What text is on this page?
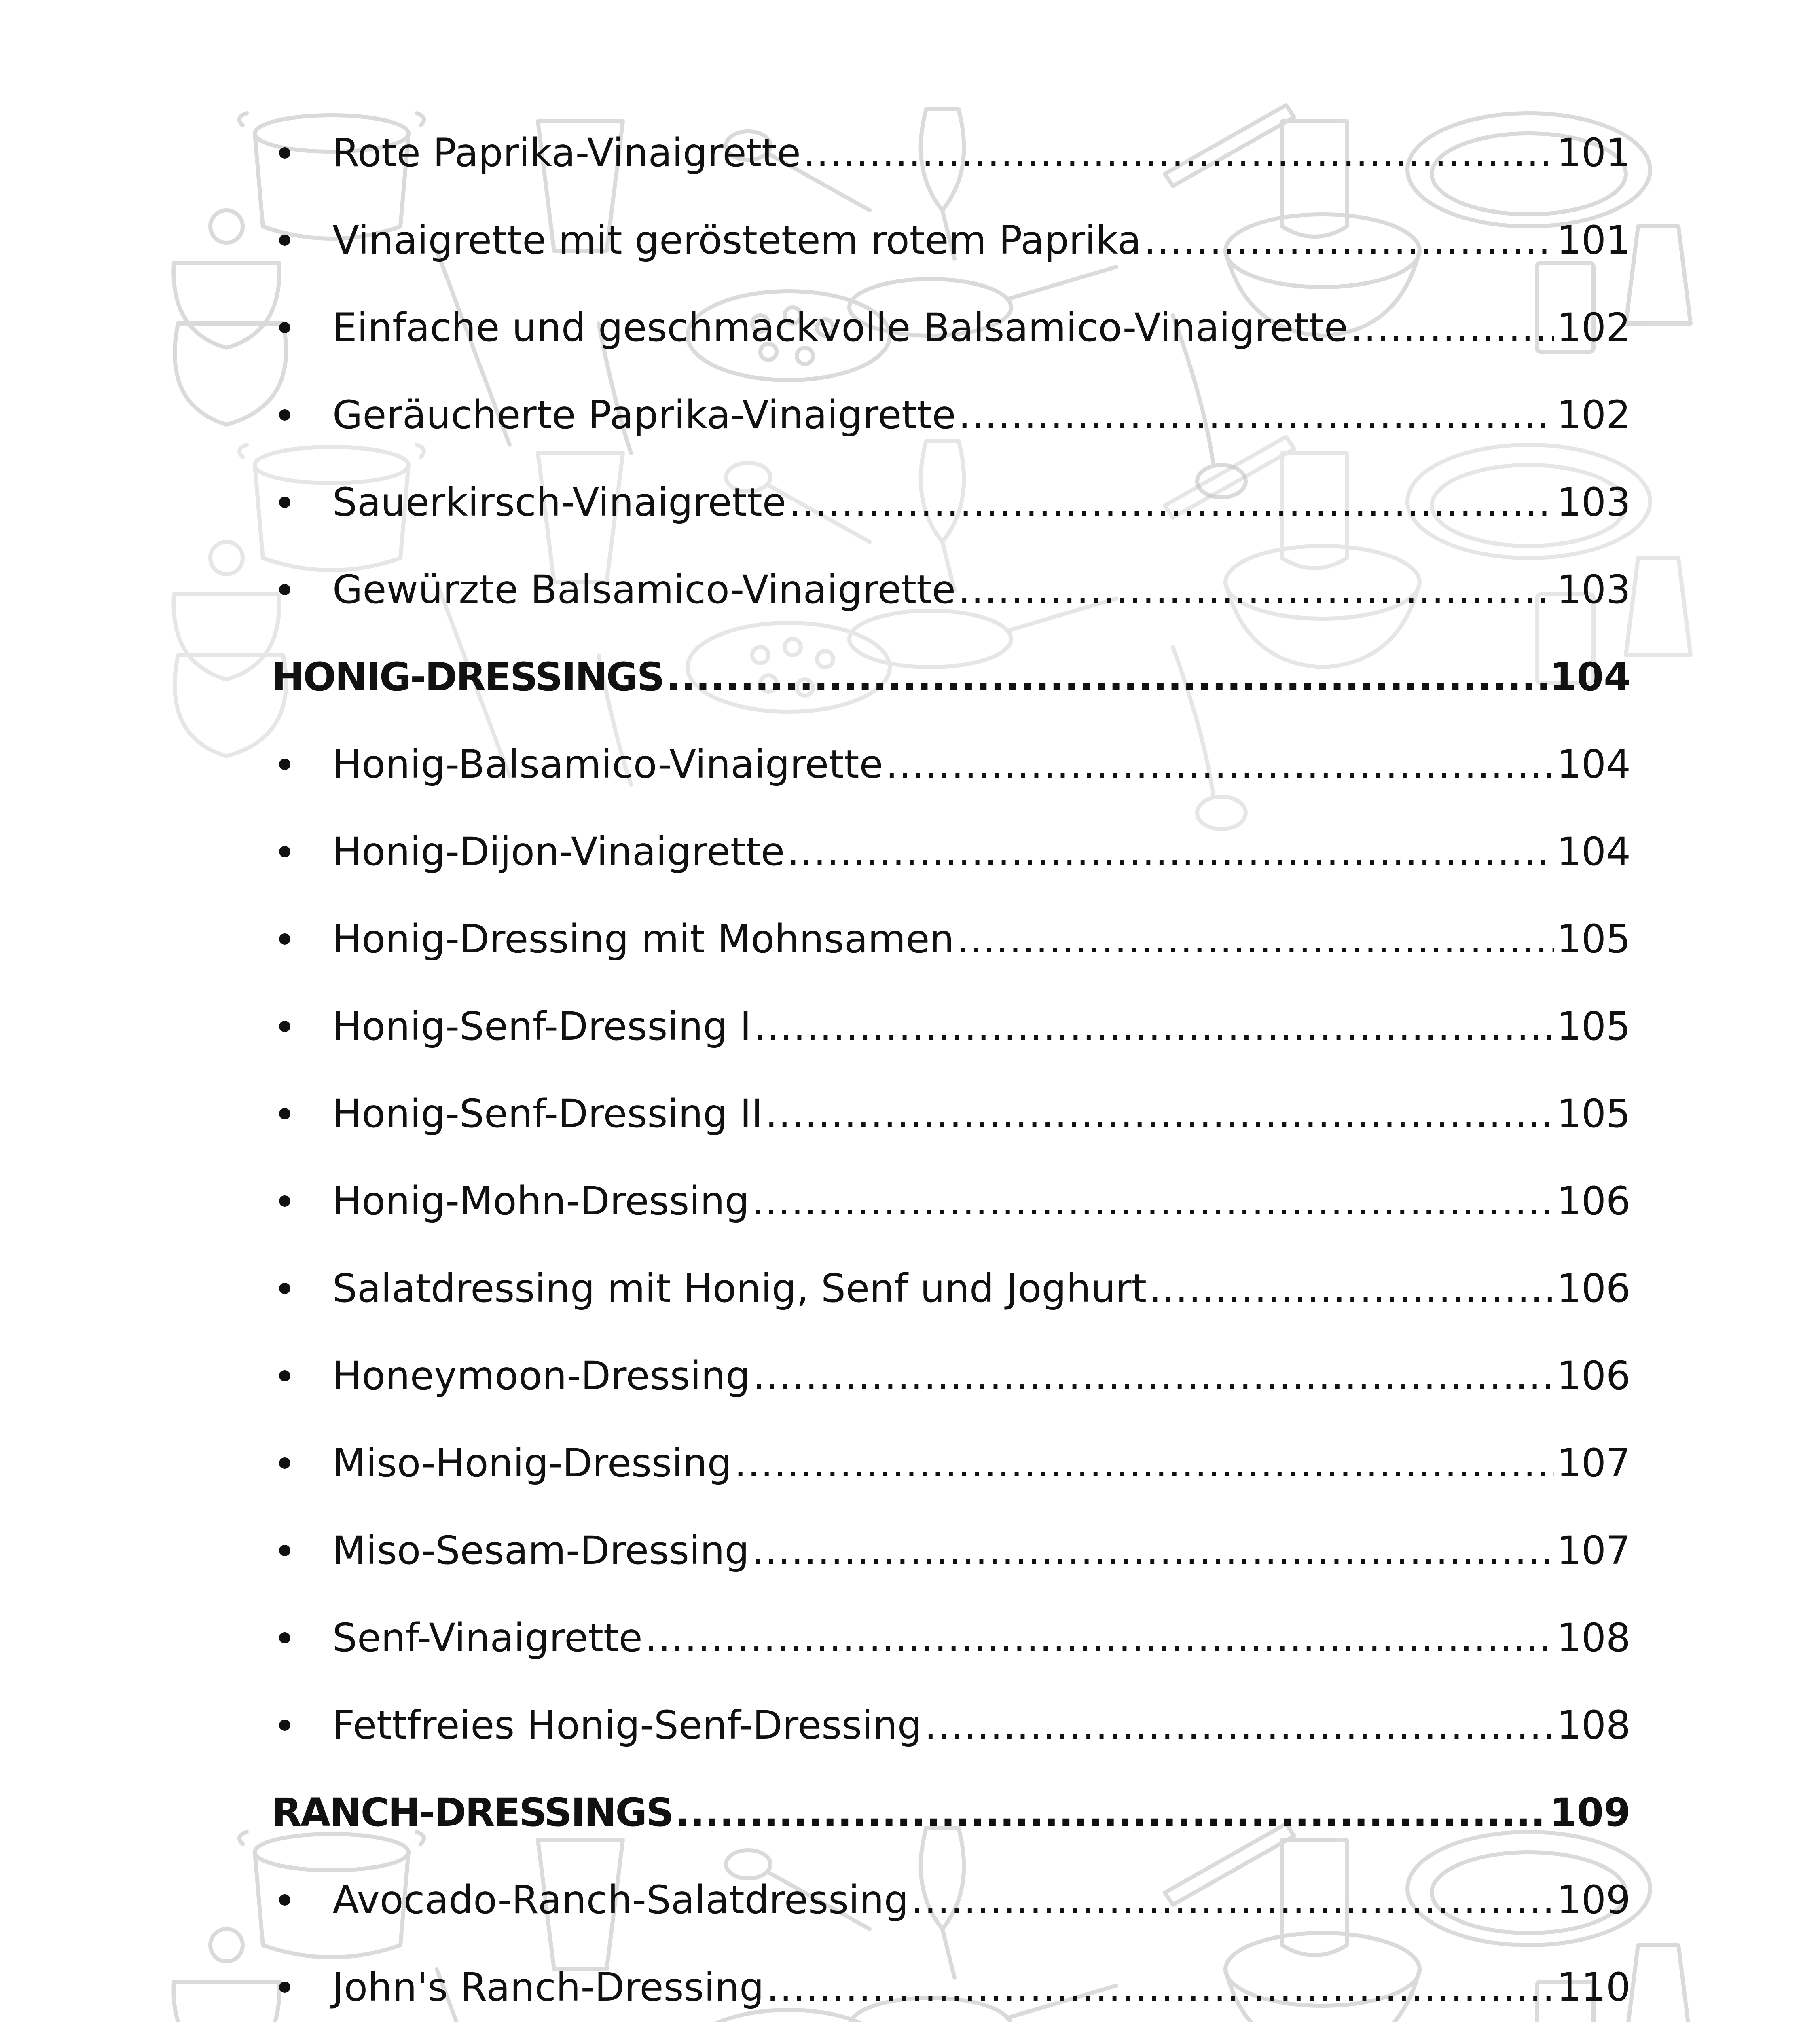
Rote Paprika-Vinaigrette .....	101
Vinaigrette mit geröstetem rotem Paprika .....	101
Einfache und geschmackvolle Balsamico-Vinaigrette .....	102
Geräucherte Paprika-Vinaigrette .....	102
Sauerkirsch-Vinaigrette .....	103
Gewürzte Balsamico-Vinaigrette .....	103
HONIG-DRESSINGS .....	104
Honig-Balsamico-Vinaigrette .....	104
Honig-Dijon-Vinaigrette .....	104
Honig-Dressing mit Mohnsamen .....	105
Honig-Senf-Dressing I .....	105
Honig-Senf-Dressing II .....	105
Honig-Mohn-Dressing .....	106
Salatdressing mit Honig, Senf und Joghurt .....	106
Honeymoon-Dressing .....	106
Miso-Honig-Dressing .....	107
Miso-Sesam-Dressing .....	107
Senf-Vinaigrette .....	108
Fettfreies Honig-Senf-Dressing .....	108
RANCH-DRESSINGS .....	109
Avocado-Ranch-Salatdressing .....	109
John's Ranch-Dressing .....	110
